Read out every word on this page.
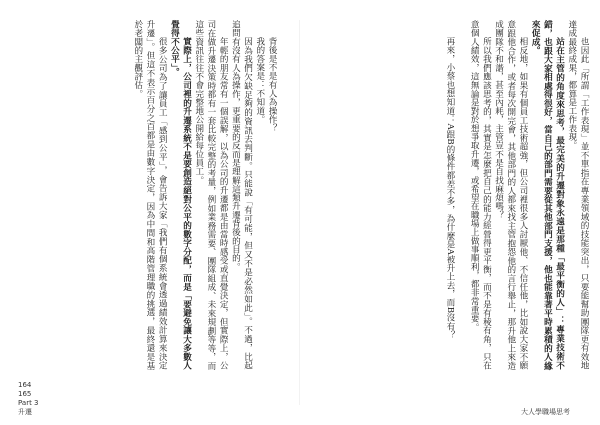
背後是不是有人為操作？

我的答案是：不知道。

因為我們欠缺足夠的資訊去判斷。只能說「有可能，但又不是必然如此」。不過，比起追問有沒有人為操作，更重要的反而是理解這類升遷背後的目的。

年輕的朋友常有一個誤解，以為公司的升遷都是由當時感受或直覺決定，但實際上，公司在做升遷決策時都有一套比較完整的考量，例如業務需要、團隊組成、未來規劃等等，而這些資訊往往不會完整地公開給每位員工。

實際上，公司裡的升遷系統不是要創造絕對公平的數字分配，而是「要避免讓大多數人覺得不公平」。

很多公司為了讓員工「感到公平」，會告訴大家「我們有個系統會透過績效計算來決定升遷」。但這不表示百分之百都是由數字決定，因為中間和高階管理職的挑選，最終還是基於老闆的主觀評估。

164
165
Part 3
升遷

也因此「所謂「工作表現」並不單指在專業領域的技能突出，只要能幫助團隊更有效地達成最終成果，都算是工作表現。

站在主管的角度來思考，最完美的升遷對象永遠是那種「最平衡的人」：專業技術不錯，也跟大家相處得很好，當自己的部門需要從其他部門支援，他也能靠著平時累積的人緣來促成。

相反地，如果有個員工技術超強，但公司裡很多人討厭他、不信任他，比如說大家不願意跟他合作，或者每次開完會，其他部門的人都來找主管抱怨他的言行舉止，那升他上來造成團隊不和諧，甚至內耗，主管豈不是自找麻煩嗎？

所以我們應該思考的，其實是怎麼把自己的能力經營得更平衡，而不是有稜有角，只在意個人績效，這無論是對於想爭取升遷，或希望在職場上做事順利，都非常重要。

再來，小蔡也想知道：A跟B的條件都差不多，為什麼是A被升上去，而B沒有？

大人學職場思考
